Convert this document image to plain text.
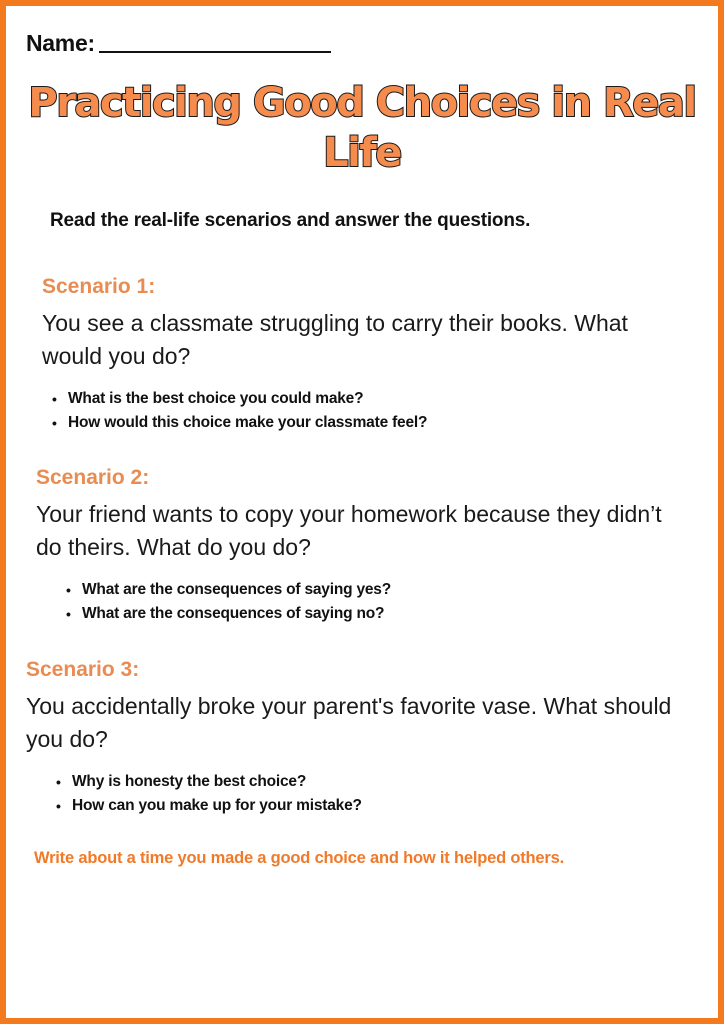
Name:
Practicing Good Choices in Real Life
Read the real-life scenarios and answer the questions.
Scenario 1:

You see a classmate struggling to carry their books. What would you do?

• What is the best choice you could make?
• How would this choice make your classmate feel?
Scenario 2:

Your friend wants to copy your homework because they didn’t do theirs. What do you do?

• What are the consequences of saying yes?
• What are the consequences of saying no?
Scenario 3:

You accidentally broke your parent's favorite vase. What should you do?

• Why is honesty the best choice?
• How can you make up for your mistake?
Write about a time you made a good choice and how it helped others.
